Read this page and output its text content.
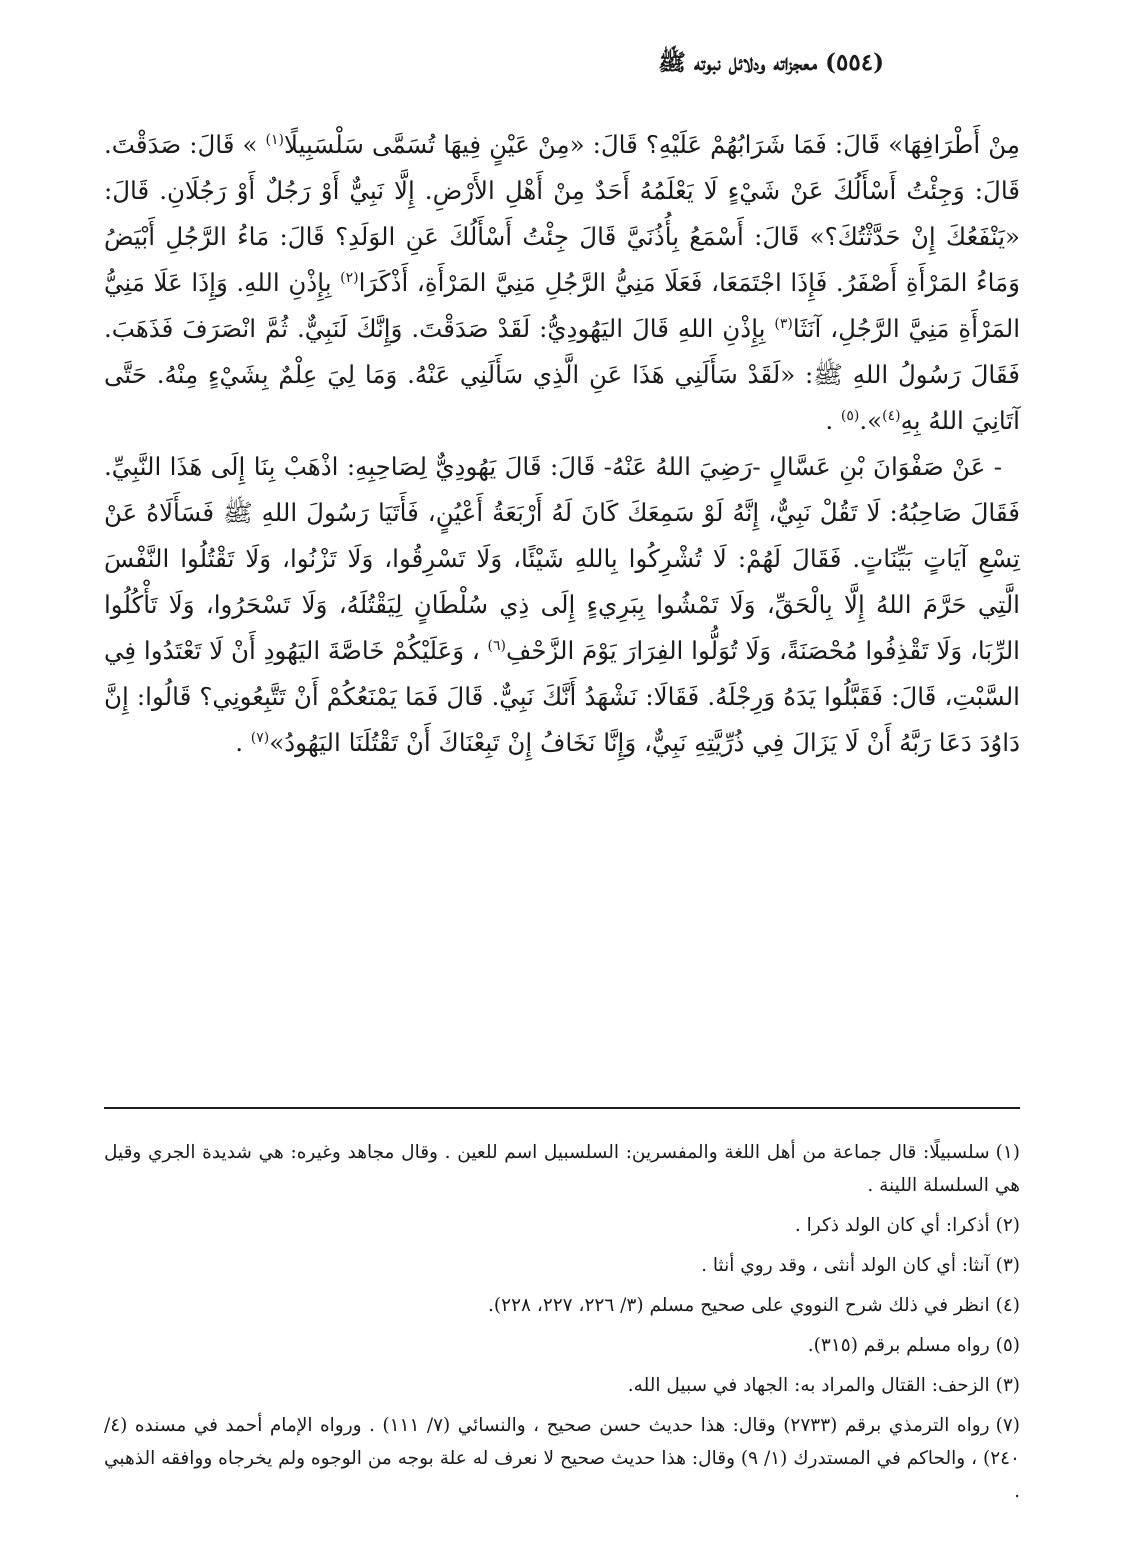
(٥٥٤) معجزاته ودلائل نبوته ﷺ

مِنْ أَطْرَافِهَا» قَالَ: فَمَا شَرَابُهُمْ عَلَيْهِ؟ قَالَ: «مِنْ عَيْنٍ فِيهَا تُسَمَّى سَلْسَبِيلًا$^{(١)}$ » قَالَ: صَدَقْتَ. قَالَ: وَجِئْتُ أَسْأَلُكَ عَنْ شَيْءٍ لَا يَعْلَمُهُ أَحَدٌ مِنْ أَهْلِ الأَرْضِ. إِلَّا نَبِيٌّ أَوْ رَجُلٌ أَوْ رَجُلَانِ. قَالَ: «يَنْفَعُكَ إِنْ حَدَّثْتُكَ؟» قَالَ: أَسْمَعُ بِأُذُنَيَّ قَالَ جِئْتُ أَسْأَلُكَ عَنِ الوَلَدِ؟ قَالَ: مَاءُ الرَّجُلِ أَبْيَضُ وَمَاءُ المَرْأَةِ أَصْفَرُ. فَإِذَا اجْتَمَعَا، فَعَلَا مَنِيُّ الرَّجُلِ مَنِيَّ المَرْأَةِ، أَذْكَرَا$^{(٢)}$ بِإِذْنِ اللهِ. وَإِذَا عَلَا مَنِيُّ المَرْأَةِ مَنِيَّ الرَّجُلِ، آنَثَا$^{(٣)}$ بِإِذْنِ اللهِ قَالَ اليَهُودِيُّ: لَقَدْ صَدَقْتَ. وَإِنَّكَ لَنَبِيٌّ. ثُمَّ انْصَرَفَ فَذَهَبَ. فَقَالَ رَسُولُ اللهِ ﷺ: «لَقَدْ سَأَلَنِي هَذَا عَنِ الَّذِي سَأَلَنِي عَنْهُ. وَمَا لِيَ عِلْمٌ بِشَيْءٍ مِنْهُ. حَتَّى آتَانِيَ اللهُ بِهِ$^{(٤)}$».$^{(٥)}$ .

- عَنْ صَفْوَانَ بْنِ عَسَّالٍ -رَضِيَ اللهُ عَنْهُ- قَالَ: قَالَ يَهُودِيٌّ لِصَاحِبِهِ: اذْهَبْ بِنَا إِلَى هَذَا النَّبِيِّ. فَقَالَ صَاحِبُهُ: لَا تَقُلْ نَبِيٌّ، إِنَّهُ لَوْ سَمِعَكَ كَانَ لَهُ أَرْبَعَةُ أَعْيُنٍ، فَأَتَيَا رَسُولَ اللهِ ﷺ فَسَأَلَاهُ عَنْ تِسْعِ آيَاتٍ بَيِّنَاتٍ. فَقَالَ لَهُمْ: لَا تُشْرِكُوا بِاللهِ شَيْئًا، وَلَا تَسْرِقُوا، وَلَا تَزْنُوا، وَلَا تَقْتُلُوا النَّفْسَ الَّتِي حَرَّمَ اللهُ إِلَّا بِالْحَقِّ، وَلَا تَمْشُوا بِبَرِيءٍ إِلَى ذِي سُلْطَانٍ لِيَقْتُلَهُ، وَلَا تَسْحَرُوا، وَلَا تَأْكُلُوا الرِّبَا، وَلَا تَقْذِفُوا مُحْصَنَةً، وَلَا تُوَلُّوا الفِرَارَ يَوْمَ الزَّحْفِ$^{(٦)}$ ، وَعَلَيْكُمْ خَاصَّةَ اليَهُودِ أَنْ لَا تَعْتَدُوا فِي السَّبْتِ، قَالَ: فَقَبَّلُوا يَدَهُ وَرِجْلَهُ. فَقَالَا: نَشْهَدُ أَنَّكَ نَبِيٌّ. قَالَ فَمَا يَمْنَعُكُمْ أَنْ تَتَّبِعُونِي؟ قَالُوا: إِنَّ دَاوُدَ دَعَا رَبَّهُ أَنْ لَا يَزَالَ فِي ذُرِّيَّتِهِ نَبِيٌّ، وَإِنَّا نَخَافُ إِنْ تَبِعْنَاكَ أَنْ تَقْتُلَنَا اليَهُودُ»$^{(٧)}$ .

(١)سلسبيلًا: قال جماعة من أهل اللغة والمفسرين: السلسبيل اسم للعين . وقال مجاهد وغيره: هي شديدة الجري وقيل هي السلسلة اللينة .

(٢)أذكرا: أي كان الولد ذكرا .

(٣)آنثا: أي كان الولد أنثى ، وقد روي أنثا .

(٤)انظر في ذلك شرح النووي على صحيح مسلم (٣/ ٢٢٦، ٢٢٧، ٢٢٨).

(٥)رواه مسلم برقم (٣١٥).

(٣)الزحف: القتال والمراد به: الجهاد في سبيل الله.

(٧)رواه الترمذي برقم (٢٧٣٣) وقال: هذا حديث حسن صحيح ، والنسائي (٧/ ١١١) . ورواه الإمام أحمد في مسنده (٤/ ٢٤٠) ، والحاكم في المستدرك (١/ ٩) وقال: هذا حديث صحيح لا نعرف له علة بوجه من الوجوه ولم يخرجاه ووافقه الذهبي .
